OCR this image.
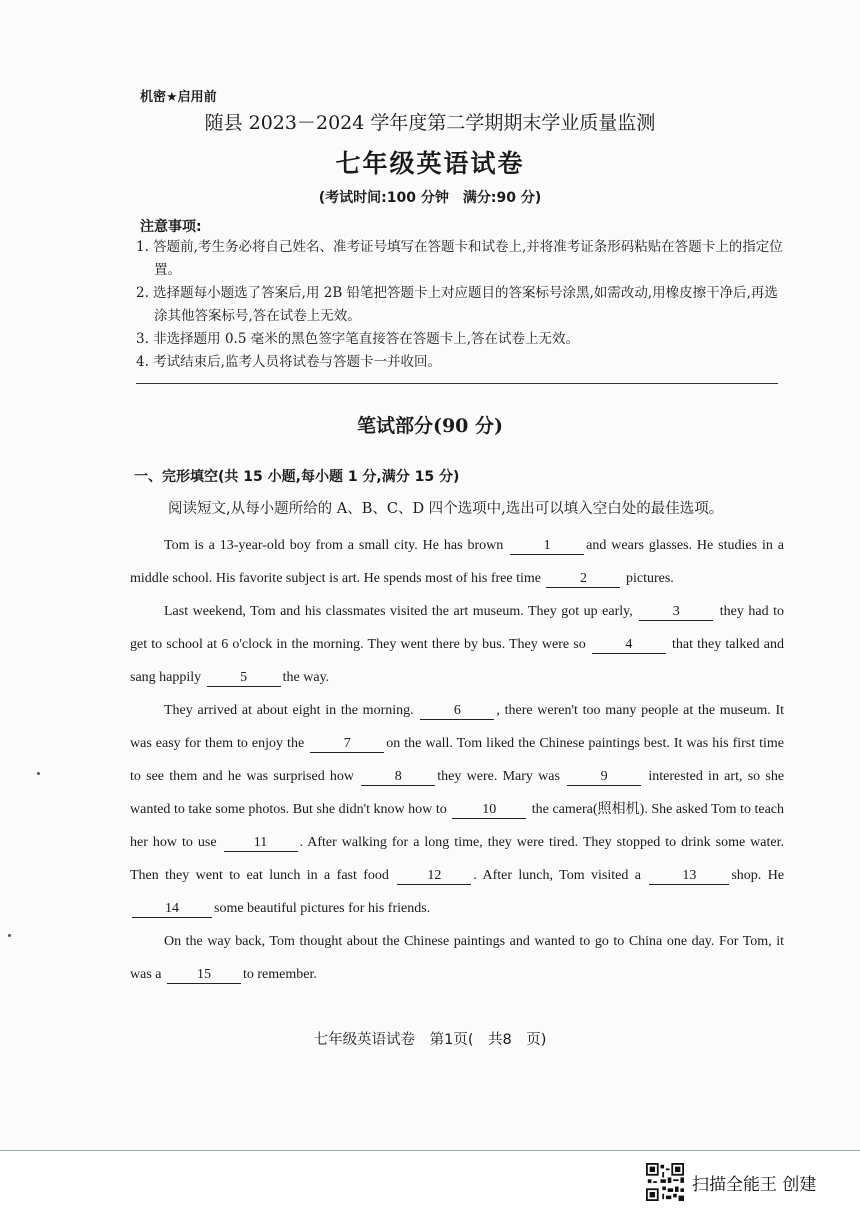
机密★启用前
随县 2023－2024 学年度第二学期期末学业质量监测
七年级英语试卷
(考试时间:100 分钟　满分:90 分)
注意事项:
1. 答题前,考生务必将自己姓名、准考证号填写在答题卡和试卷上,并将准考证条形码粘贴在答题卡上的指定位置。
2. 选择题每小题选了答案后,用 2B 铅笔把答题卡上对应题目的答案标号涂黑,如需改动,用橡皮擦干净后,再选涂其他答案标号,答在试卷上无效。
3. 非选择题用 0.5 毫米的黑色签字笔直接答在答题卡上,答在试卷上无效。
4. 考试结束后,监考人员将试卷与答题卡一并收回。
笔试部分(90 分)
一、完形填空(共 15 小题,每小题 1 分,满分 15 分)
阅读短文,从每小题所给的 A、B、C、D 四个选项中,选出可以填入空白处的最佳选项。

Tom is a 13-year-old boy from a small city. He has brown	1	and wears glasses. He studies in a middle school. His favorite subject is art. He spends most of his free time	2	pictures.

Last weekend, Tom and his classmates visited the art museum. They got up early,	3	they had to get to school at 6 o'clock in the morning. They went there by bus. They were so	4	that they talked and sang happily	5	the way.

They arrived at about eight in the morning.	6	, there weren't too many people at the museum. It was easy for them to enjoy the	7	on the wall. Tom liked the Chinese paintings best. It was his first time to see them and he was surprised how	8	they were. Mary was	9	interested in art, so she wanted to take some photos. But she didn't know how to	10	the camera(照相机). She asked Tom to teach her how to use	11 . After walking for a long time, they were tired. They stopped to drink some water. Then they went to eat lunch in a fast food	12 . After lunch, Tom visited a	13	shop. He 14	some beautiful pictures for his friends.

On the way back, Tom thought about the Chinese paintings and wanted to go to China one day. For Tom, it was a	15 to remember.

七年级英语试卷　第1页(　共8　页)
扫描全能王 创建
